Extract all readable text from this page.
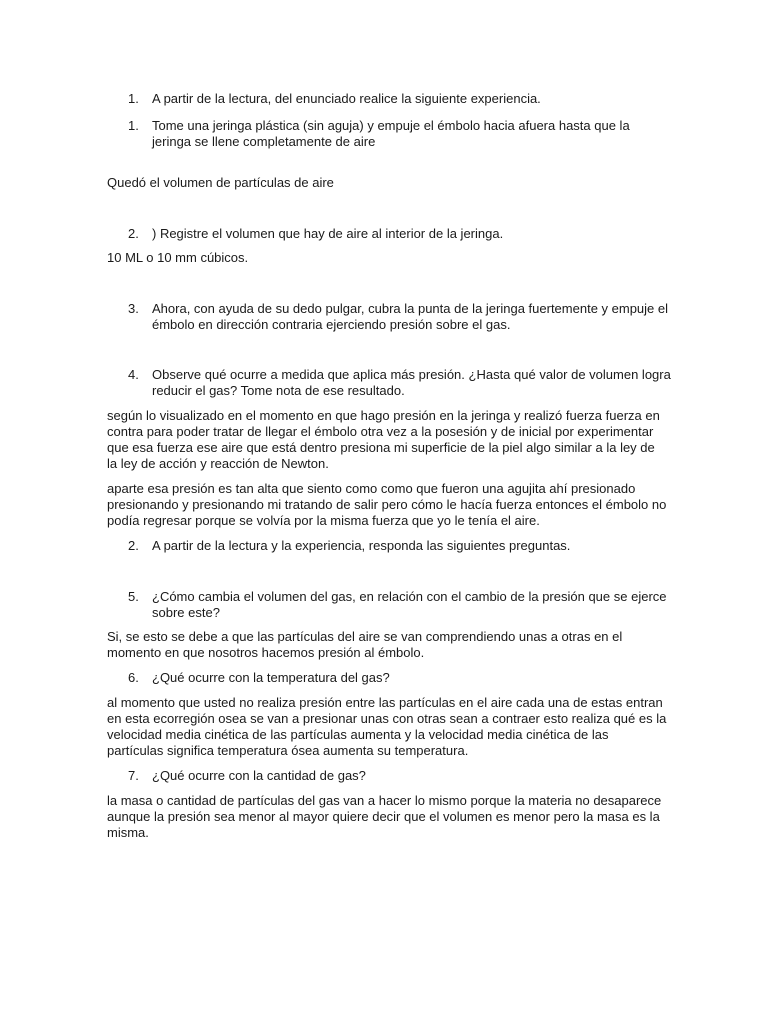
1.	A partir de la lectura, del enunciado realice la siguiente experiencia.
1.	Tome una jeringa plástica (sin aguja) y empuje el émbolo hacia afuera hasta que la jeringa se llene completamente de aire

Quedó el volumen de partículas de aire

2.	) Registre el volumen que hay de aire al interior de la jeringa.

10 ML o 10 mm cúbicos.

3.	Ahora, con ayuda de su dedo pulgar, cubra la punta de la jeringa fuertemente y empuje el émbolo en dirección contraria ejerciendo presión sobre el gas.
4.	Observe qué ocurre a medida que aplica más presión. ¿Hasta qué valor de volumen logra reducir el gas? Tome nota de ese resultado.

según lo visualizado en el momento en que hago presión en la jeringa y realizó fuerza fuerza en contra para poder tratar de llegar el émbolo otra vez a la posesión y de inicial por experimentar que esa fuerza ese aire que está dentro presiona mi superficie de la piel algo similar a la ley de la ley de acción y reacción de Newton.

aparte esa presión es tan alta que siento como como que fueron una agujita ahí presionado presionando y presionando mi tratando de salir pero cómo le hacía fuerza entonces el émbolo no podía regresar porque se volvía por la misma fuerza que yo le tenía el aire.

2.	A partir de la lectura y la experiencia, responda las siguientes preguntas.
5.	¿Cómo cambia el volumen del gas, en relación con el cambio de la presión que se ejerce sobre este?

Si, se esto se debe a que las partículas del aire se van comprendiendo unas a otras en el momento en que nosotros hacemos presión al émbolo.

6.	¿Qué ocurre con la temperatura del gas?

al momento que usted no realiza presión entre las partículas en el aire cada una de estas entran en esta ecorregión osea se van a presionar unas con otras sean a contraer esto realiza qué es la velocidad media cinética de las partículas aumenta y la velocidad media cinética de las partículas significa temperatura ósea aumenta su temperatura.

7.	¿Qué ocurre con la cantidad de gas?

la masa o cantidad de partículas del gas van a hacer lo mismo porque la materia no desaparece aunque la presión sea menor al mayor quiere decir que el volumen es menor pero la masa es la misma.
